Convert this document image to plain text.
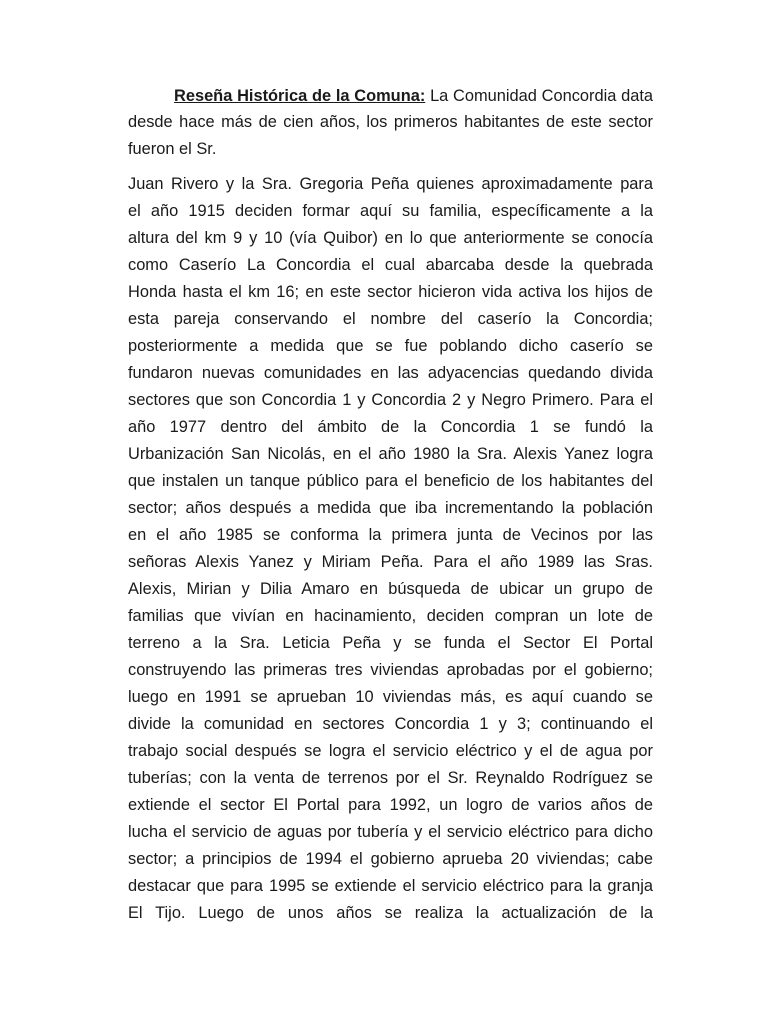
Reseña Histórica de la Comuna: La Comunidad Concordia data
desde hace más de cien años, los primeros habitantes de este sector
fueron el Sr.
Juan Rivero y la Sra. Gregoria Peña quienes aproximadamente para
el año 1915 deciden formar aquí su familia, específicamente a la
altura del km 9 y 10 (vía Quibor) en lo que anteriormente se conocía
como Caserío La Concordia el cual abarcaba desde la quebrada
Honda hasta el km 16; en este sector hicieron vida activa los hijos de
esta pareja conservando el nombre del caserío la Concordia;
posteriormente a medida que se fue poblando dicho caserío se
fundaron nuevas comunidades en las adyacencias quedando divida
sectores que son Concordia 1 y Concordia 2 y Negro Primero. Para el
año 1977 dentro del ámbito de la Concordia 1 se fundó la
Urbanización San Nicolás, en el año 1980 la Sra. Alexis Yanez logra
que instalen un tanque público para el beneficio de los habitantes del
sector; años después a medida que iba incrementando la población
en el año 1985 se conforma la primera junta de Vecinos por las
señoras Alexis Yanez y Miriam Peña. Para el año 1989 las Sras.
Alexis, Mirian y Dilia Amaro en búsqueda de ubicar un grupo de
familias que vivían en hacinamiento, deciden compran un lote de
terreno a la Sra. Leticia Peña y se funda el Sector El Portal
construyendo las primeras tres viviendas aprobadas por el gobierno;
luego en 1991 se aprueban 10 viviendas más, es aquí cuando se
divide la comunidad en sectores Concordia 1 y 3; continuando el
trabajo social después se logra el servicio eléctrico y el de agua por
tuberías; con la venta de terrenos por el Sr. Reynaldo Rodríguez se
extiende el sector El Portal para 1992, un logro de varios años de
lucha el servicio de aguas por tubería y el servicio eléctrico para dicho
sector; a principios de 1994 el gobierno aprueba 20 viviendas; cabe
destacar que para 1995 se extiende el servicio eléctrico para la granja
El Tijo. Luego de unos años se realiza la actualización de la
